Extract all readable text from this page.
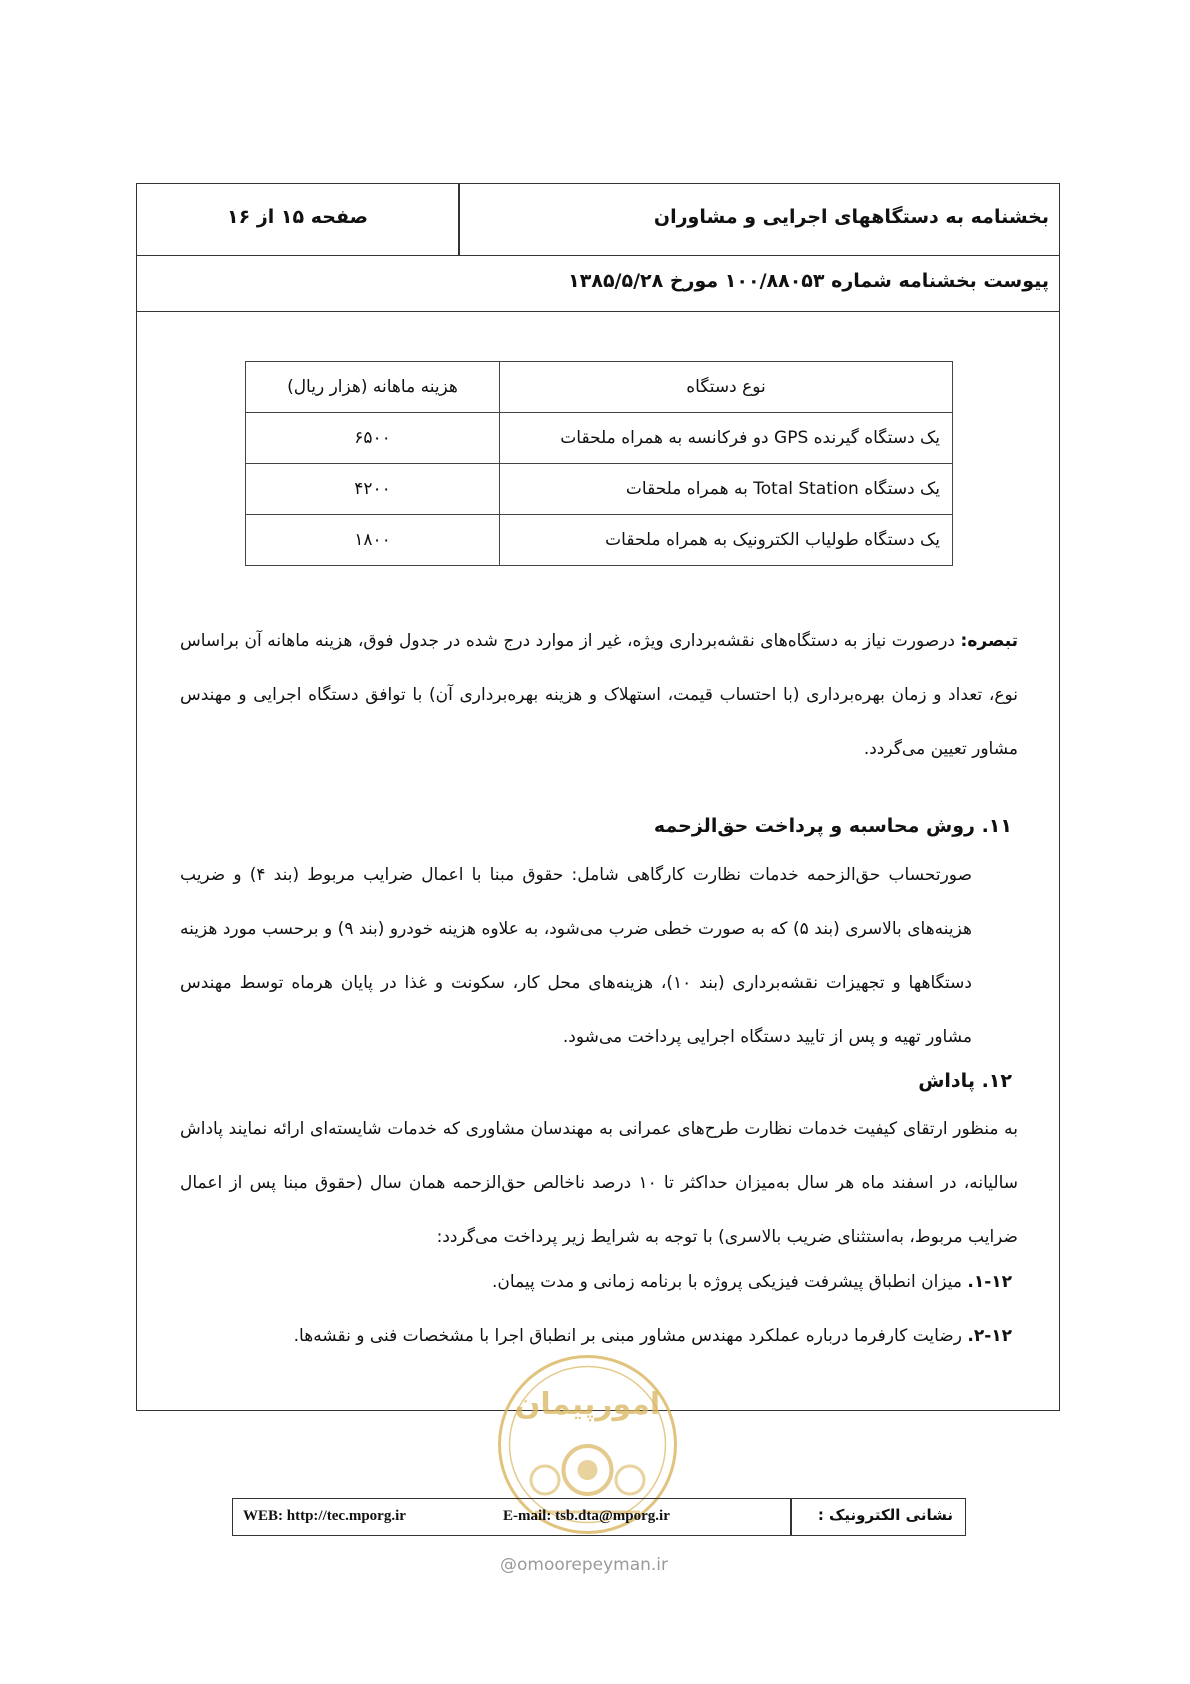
بخشنامه به دستگاههای اجرایی و مشاوران
صفحه ۱۵ از ۱۶
پیوست بخشنامه شماره ۱۰۰/۸۸۰۵۳ مورخ ۱۳۸۵/۵/۲۸
نوع دستگاه	هزینه ماهانه (هزار ریال)
یک دستگاه گیرنده GPS دو فرکانسه به همراه ملحقات	۶۵۰۰
یک دستگاه Total Station به همراه ملحقات	۴۲۰۰
یک دستگاه طولیاب الکترونیک به همراه ملحقات	۱۸۰۰
تبصره: درصورت نیاز به دستگاه‌های نقشه‌برداری ویژه، غیر از موارد درج شده در جدول فوق، هزینه ماهانه آن براساس نوع، تعداد و زمان بهره‌برداری (با احتساب قیمت، استهلاک و هزینه بهره‌برداری آن) با توافق دستگاه اجرایی و مهندس مشاور تعیین می‌گردد.
۱۱. روش محاسبه و پرداخت حق‌الزحمه
صورتحساب حق‌الزحمه خدمات نظارت کارگاهی شامل: حقوق مبنا با اعمال ضرایب مربوط (بند ۴) و ضریب هزینه‌های بالاسری (بند ۵) که به صورت خطی ضرب می‌شود، به علاوه هزینه خودرو (بند ۹) و برحسب مورد هزینه دستگاهها و تجهیزات نقشه‌برداری (بند ۱۰)، هزینه‌های محل کار، سکونت و غذا در پایان هرماه توسط مهندس مشاور تهیه و پس از تایید دستگاه اجرایی پرداخت می‌شود.
۱۲. پاداش
به منظور ارتقای کیفیت خدمات نظارت طرح‌های عمرانی به مهندسان مشاوری که خدمات شایسته‌ای ارائه نمایند پاداش سالیانه، در اسفند ماه هر سال به‌میزان حداکثر تا ۱۰ درصد ناخالص حق‌الزحمه همان سال (حقوق مبنا پس از اعمال ضرایب مربوط، به‌استثنای ضریب بالاسری) با توجه به شرایط زیر پرداخت می‌گردد:
۱-۱۲. میزان انطباق پیشرفت فیزیکی پروژه با برنامه زمانی و مدت پیمان.
۲-۱۲. رضایت کارفرما درباره عملکرد مهندس مشاور مبنی بر انطباق اجرا با مشخصات فنی و نقشه‌ها.
امورپیمان
نشانی الکترونیک :
E-mail: tsb.dta@mporg.ir
WEB: http://tec.mporg.ir
@omoorepeyman.ir
